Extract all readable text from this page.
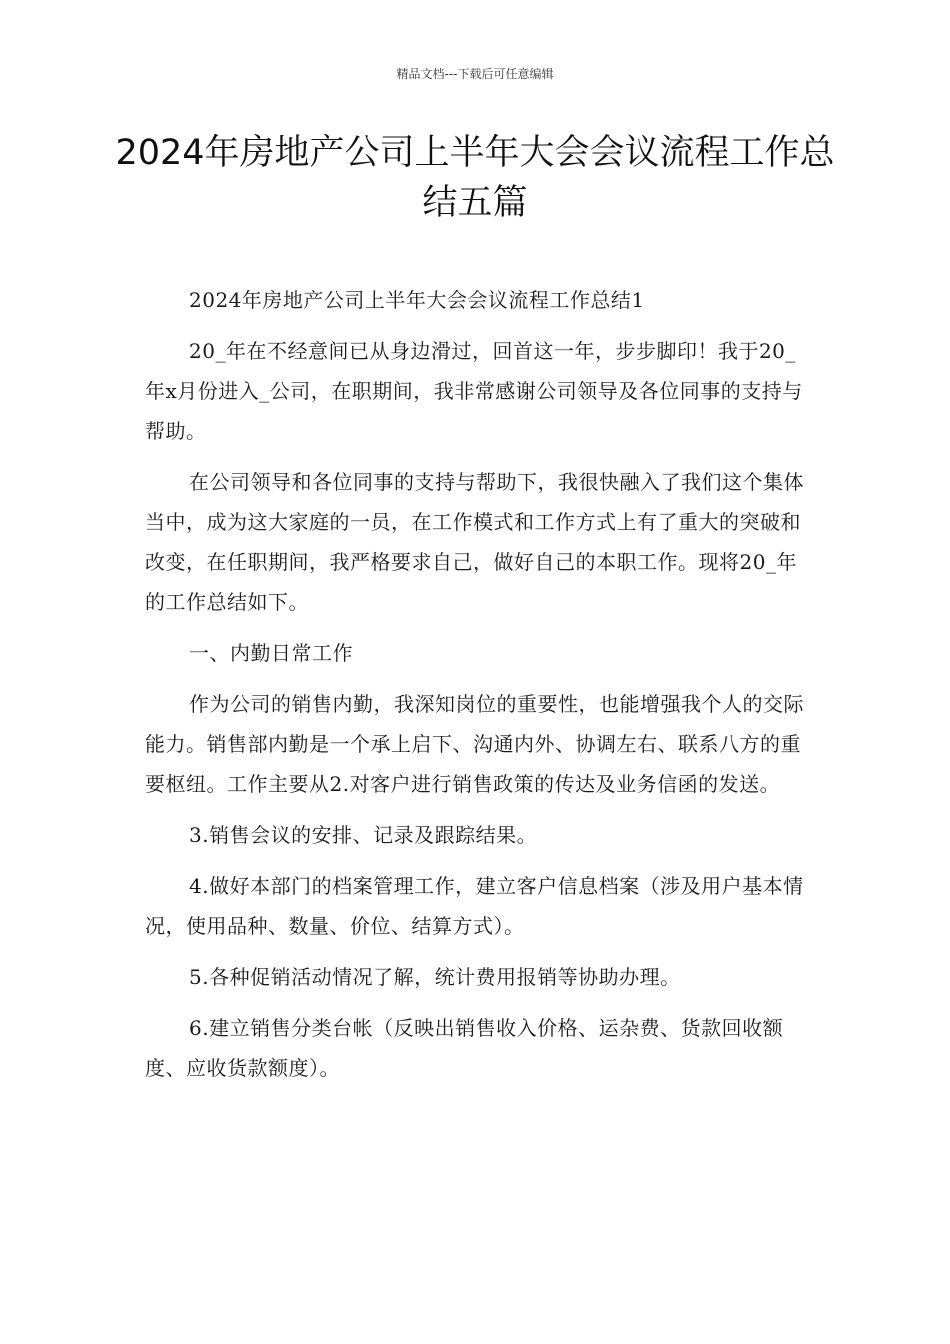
精品文档---下载后可任意编辑
2024年房地产公司上半年大会会议流程工作总结五篇

2024年房地产公司上半年大会会议流程工作总结1

20_年在不经意间已从身边滑过，回首这一年，步步脚印！我于20_年x月份进入_公司，在职期间，我非常感谢公司领导及各位同事的支持与帮助。

在公司领导和各位同事的支持与帮助下，我很快融入了我们这个集体当中，成为这大家庭的一员，在工作模式和工作方式上有了重大的突破和改变，在任职期间，我严格要求自己，做好自己的本职工作。现将20_年的工作总结如下。

一、内勤日常工作

作为公司的销售内勤，我深知岗位的重要性，也能增强我个人的交际能力。销售部内勤是一个承上启下、沟通内外、协调左右、联系八方的重要枢纽。工作主要从2.对客户进行销售政策的传达及业务信函的发送。

3.销售会议的安排、记录及跟踪结果。

4.做好本部门的档案管理工作，建立客户信息档案（涉及用户基本情况，使用品种、数量、价位、结算方式）。

5.各种促销活动情况了解，统计费用报销等协助办理。

6.建立销售分类台帐（反映出销售收入价格、运杂费、货款回收额度、应收货款额度）。
